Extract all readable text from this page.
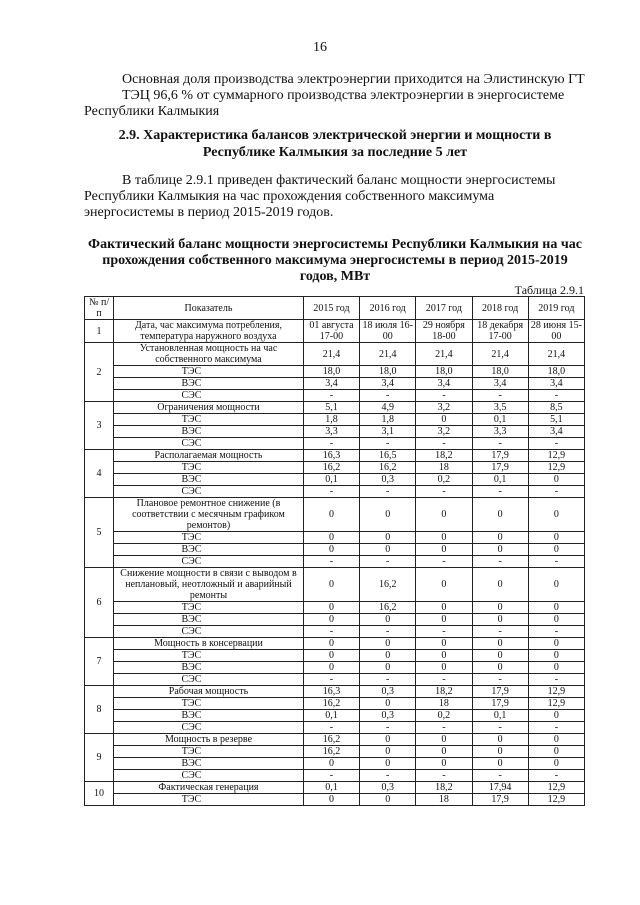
16
Основная доля производства электроэнергии приходится на Элистинскую ГТ
ТЭЦ 96,6 % от суммарного производства электроэнергии в энергосистеме
Республики Калмыкия
2.9. Характеристика балансов электрической энергии и мощности в
Республике Калмыкия за последние 5 лет
В таблице 2.9.1 приведен фактический баланс мощности энергосистемы
Республики Калмыкия на час прохождения собственного максимума
энергосистемы в период 2015-2019 годов.
Фактический баланс мощности энергосистемы Республики Калмыкия на час
прохождения собственного максимума энергосистемы в период 2015-2019
годов, МВт
Таблица 2.9.1
№ п/п	Показатель	2015 год	2016 год	2017 год	2018 год	2019 год
1	Дата, час максимума потребления, температура наружного воздуха	01 августа 17-00	18 июля 16-00	29 ноября 18-00	18 декабря 17-00	28 июня 15-00
2	Установленная мощность на час собственного максимума	21,4	21,4	21,4	21,4	21,4
	ТЭС	18,0	18,0	18,0	18,0	18,0
	ВЭС	3,4	3,4	3,4	3,4	3,4
	СЭС	-	-	-	-	-
3	Ограничения мощности	5,1	4,9	3,2	3,5	8,5
	ТЭС	1,8	1,8	0	0,1	5,1
	ВЭС	3,3	3,1	3,2	3,3	3,4
	СЭС	-	-	-	-	-
4	Располагаемая мощность	16,3	16,5	18,2	17,9	12,9
	ТЭС	16,2	16,2	18	17,9	12,9
	ВЭС	0,1	0,3	0,2	0,1	0
	СЭС	-	-	-	-	-
5	Плановое ремонтное снижение (в соответствии с месячным графиком ремонтов)	0	0	0	0	0
	ТЭС	0	0	0	0	0
	ВЭС	0	0	0	0	0
	СЭС	-	-	-	-	-
6	Снижение мощности в связи с выводом в неплановый, неотложный и аварийный ремонты	0	16,2	0	0	0
	ТЭС	0	16,2	0	0	0
	ВЭС	0	0	0	0	0
	СЭС	-	-	-	-	-
7	Мощность в консервации	0	0	0	0	0
	ТЭС	0	0	0	0	0
	ВЭС	0	0	0	0	0
	СЭС	-	-	-	-	-
8	Рабочая мощность	16,3	0,3	18,2	17,9	12,9
	ТЭС	16,2	0	18	17,9	12,9
	ВЭС	0,1	0,3	0,2	0,1	0
	СЭС	-	-	-	-	-
9	Мощность в резерве	16,2	0	0	0	0
	ТЭС	16,2	0	0	0	0
	ВЭС	0	0	0	0	0
	СЭС	-	-	-	-	-
10	Фактическая генерация	0,1	0,3	18,2	17,94	12,9
	ТЭС	0	0	18	17,9	12,9
